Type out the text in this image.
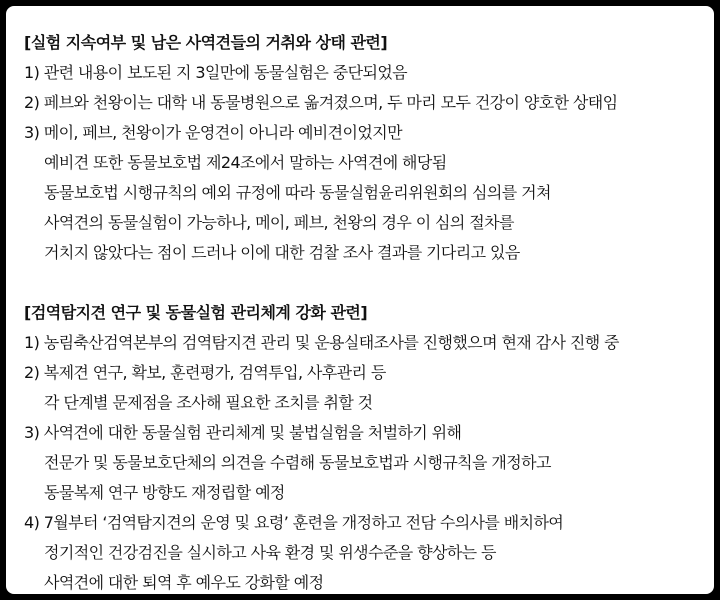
[실험 지속여부 및 남은 사역견들의 거취와 상태 관련]
1) 관련 내용이 보도된 지 3일만에 동물실험은 중단되었음
2) 페브와 천왕이는 대학 내 동물병원으로 옮겨졌으며, 두 마리 모두 건강이 양호한 상태임
3) 메이, 페브, 천왕이가 운영견이 아니라 예비견이었지만
예비견 또한 동물보호법 제24조에서 말하는 사역견에 해당됨
동물보호법 시행규칙의 예외 규정에 따라 동물실험윤리위원회의 심의를 거쳐
사역견의 동물실험이 가능하나, 메이, 페브, 천왕의 경우 이 심의 절차를
거치지 않았다는 점이 드러나 이에 대한 검찰 조사 결과를 기다리고 있음
[검역탐지견 연구 및 동물실험 관리체계 강화 관련]
1) 농림축산검역본부의 검역탐지견 관리 및 운용실태조사를 진행했으며 현재 감사 진행 중
2) 복제견 연구, 확보, 훈련평가, 검역투입, 사후관리 등
각 단계별 문제점을 조사해 필요한 조치를 취할 것
3) 사역견에 대한 동물실험 관리체계 및 불법실험을 처벌하기 위해
전문가 및 동물보호단체의 의견을 수렴해 동물보호법과 시행규칙을 개정하고
동물복제 연구 방향도 재정립할 예정
4) 7월부터 ‘검역탐지견의 운영 및 요령’ 훈련을 개정하고 전담 수의사를 배치하여
정기적인 건강검진을 실시하고 사육 환경 및 위생수준을 향상하는 등
사역견에 대한 퇴역 후 예우도 강화할 예정
